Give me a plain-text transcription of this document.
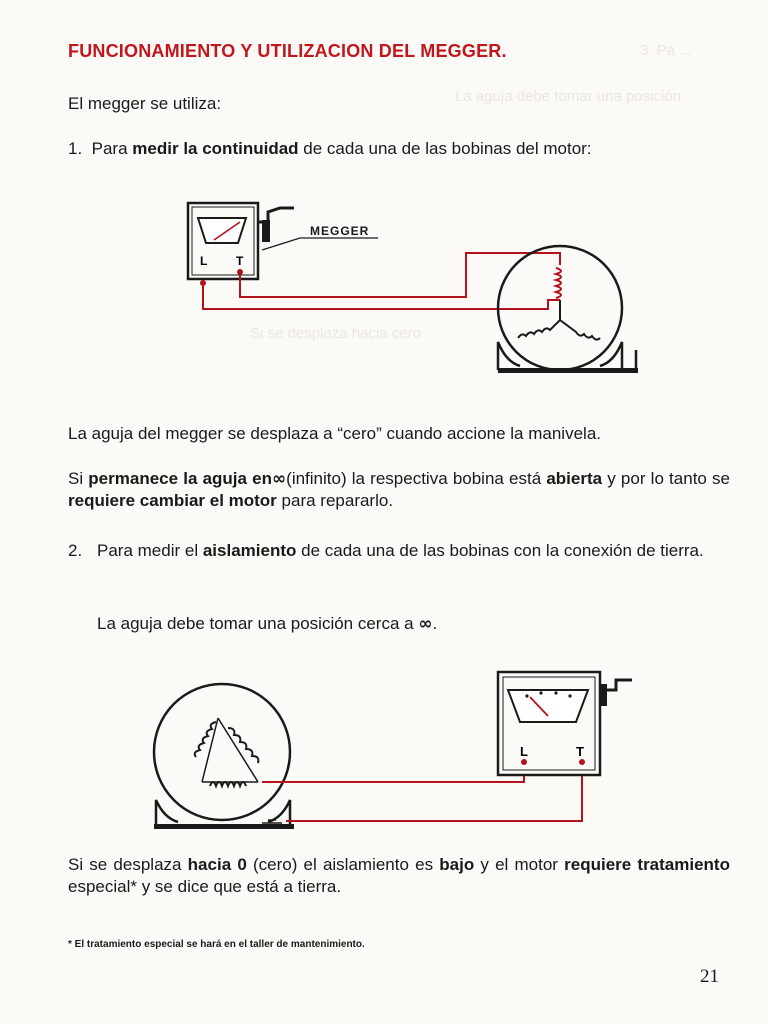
3. Pa ...
La aguja debe tomar una posición
Si se desplaza hacia cero
FUNCIONAMIENTO Y UTILIZACION DEL MEGGER.
El megger se utiliza:
1. Para medir la continuidad de cada una de las bobinas del motor:
MEGGER
L T
L	T
La aguja del megger se desplaza a “cero” cuando accione la manivela.
Si permanece la aguja en∞(infinito) la respectiva bobina está abierta y por lo tanto se requiere cambiar el motor para repararlo.
2. Para medir el aislamiento de cada una de las bobinas con la conexión de tierra.
La aguja debe tomar una posición cerca a ∞.
Si se desplaza hacia 0 (cero) el aislamiento es bajo y el motor requiere tratamiento especial* y se dice que está a tierra.
* El tratamiento especial se hará en el taller de mantenimiento.
21
